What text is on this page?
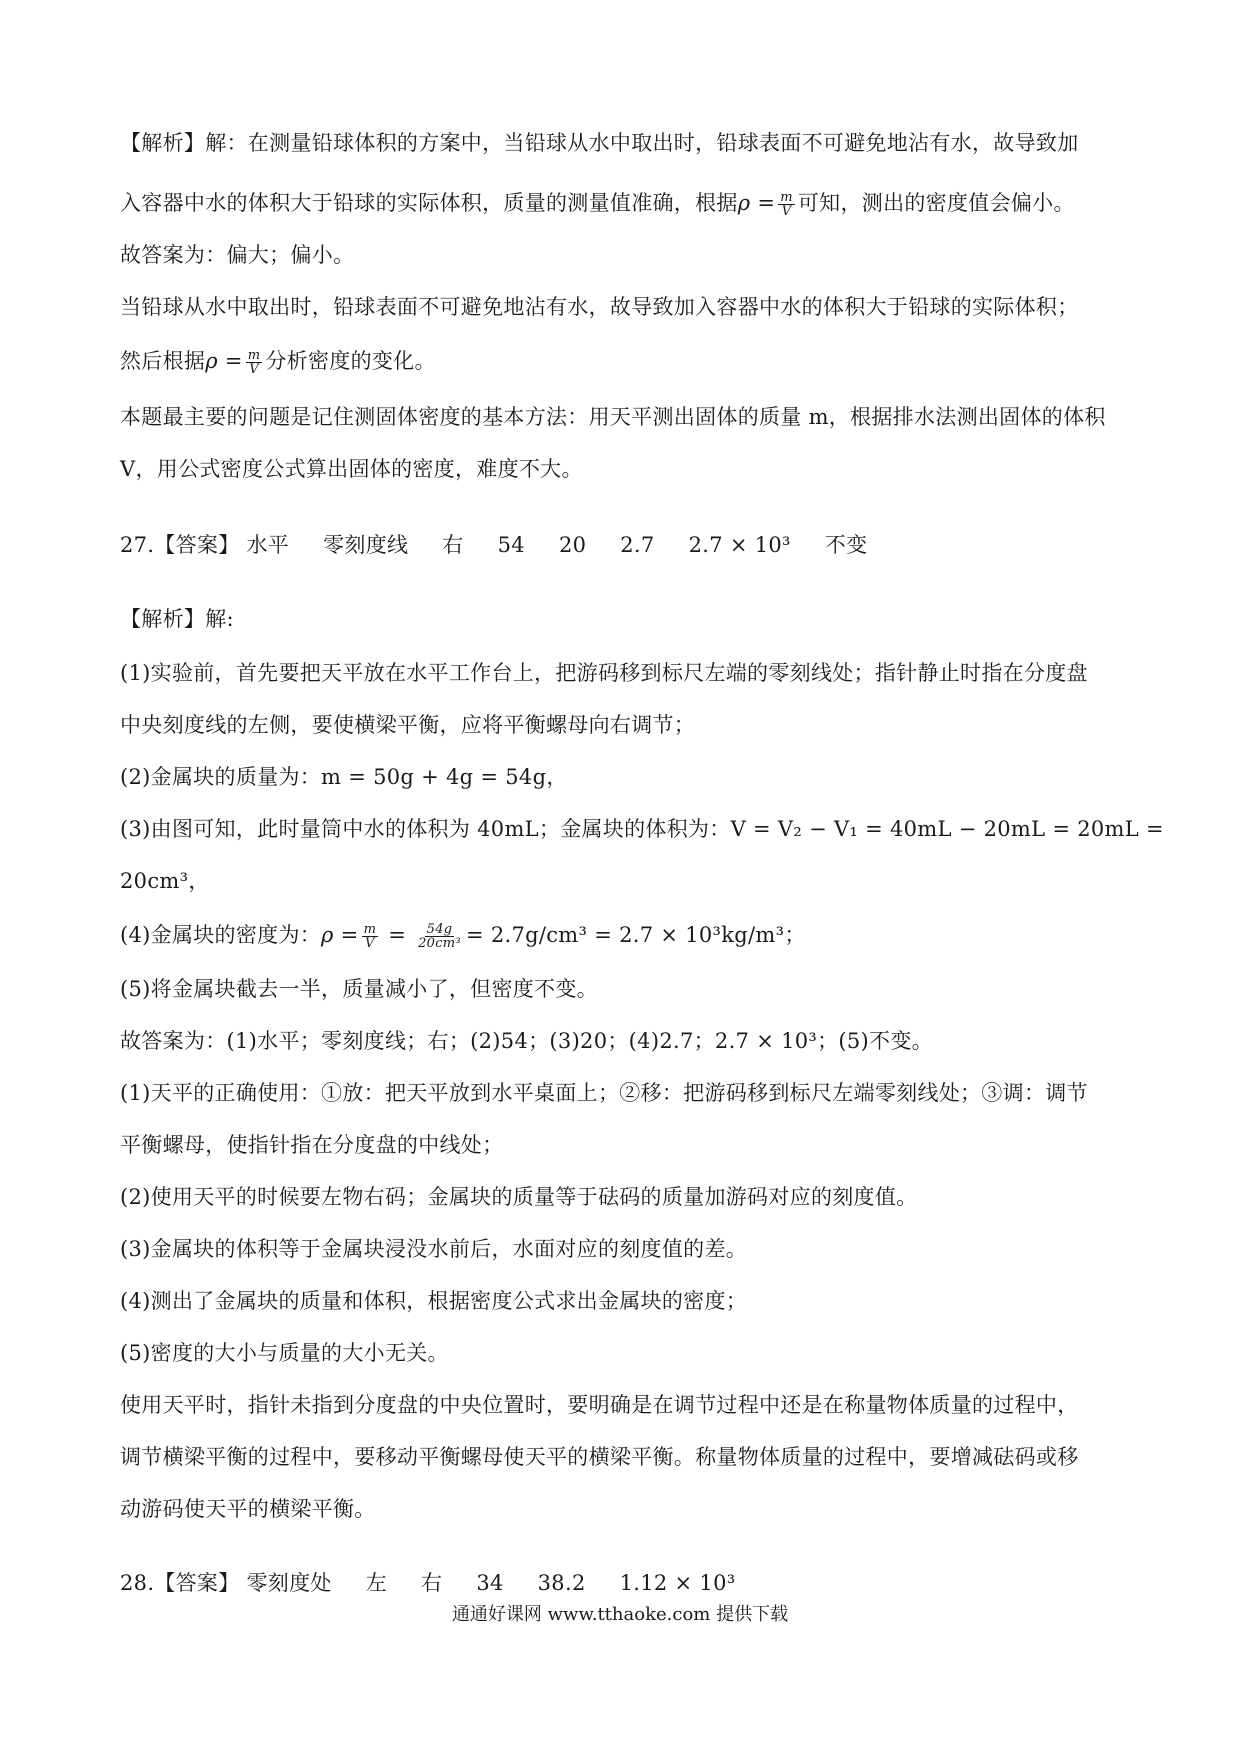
【解析】解：在测量铅球体积的方案中，当铅球从水中取出时，铅球表面不可避免地沾有水，故导致加
入容器中水的体积大于铅球的实际体积，质量的测量值准确，根据$\rho = \frac{m}{V}$ 可知，测出的密度值会偏小。
故答案为：偏大；偏小。
当铅球从水中取出时，铅球表面不可避免地沾有水，故导致加入容器中水的体积大于铅球的实际体积；
然后根据$\rho = \frac{m}{V}$ 分析密度的变化。
本题最主要的问题是记住测固体密度的基本方法：用天平测出固体的质量 m，根据排水法测出固体的体积
V，用公式密度公式算出固体的密度，难度不大。
27.【答案】 水平 零刻度线 右 54 20 2.7 2.7 × 10³ 不变
【解析】解:
(1)实验前，首先要把天平放在水平工作台上，把游码移到标尺左端的零刻线处；指针静止时指在分度盘
中央刻度线的左侧，要使横梁平衡，应将平衡螺母向右调节；
(2)金属块的质量为：m = 50g + 4g = 54g，
(3)由图可知，此时量筒中水的体积为 40mL；金属块的体积为：V = V₂ − V₁ = 40mL − 20mL = 20mL =
20cm³，
(4)金属块的密度为：$\rho = \frac{m}{V} = \frac{54g}{\text{20cm³}} = 2.7g/cm^3 = 2.7 \times 10^3kg/m^3$；
(5)将金属块截去一半，质量减小了，但密度不变。
故答案为：(1)水平；零刻度线；右；(2)54；(3)20；(4)2.7；2.7 × 10³；(5)不变。
(1)天平的正确使用：①放：把天平放到水平桌面上；②移：把游码移到标尺左端零刻线处；③调：调节
平衡螺母，使指针指在分度盘的中线处；
(2)使用天平的时候要左物右码；金属块的质量等于砝码的质量加游码对应的刻度值。
(3)金属块的体积等于金属块浸没水前后，水面对应的刻度值的差。
(4)测出了金属块的质量和体积，根据密度公式求出金属块的密度；
(5)密度的大小与质量的大小无关。
使用天平时，指针未指到分度盘的中央位置时，要明确是在调节过程中还是在称量物体质量的过程中，
调节横梁平衡的过程中，要移动平衡螺母使天平的横梁平衡。称量物体质量的过程中，要增减砝码或移
动游码使天平的横梁平衡。
28.【答案】 零刻度处 左 右 34 38.2 1.12 × 10³
通通好课网 www.tthaoke.com 提供下载
